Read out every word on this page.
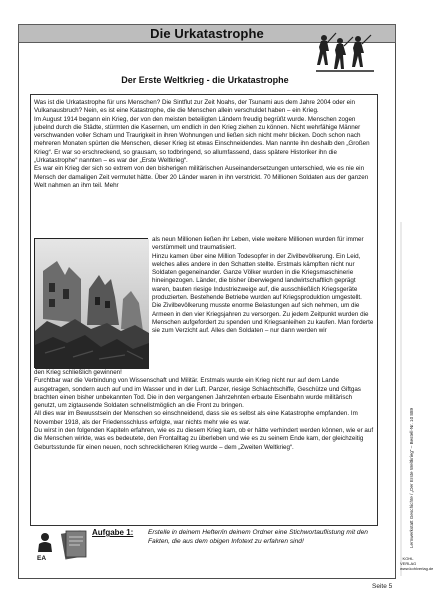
Die Urkatastrophe
Der Erste Weltkrieg - die Urkatastrophe

Was ist die Urkatastrophe für uns Menschen? Die Sintflut zur Zeit Noahs, der Tsunami aus dem Jahre 2004 oder ein Vulkanausbruch? Nein, es ist eine Katastrophe, die die Menschen allein verschuldet haben – ein Krieg.

Im August 1914 begann ein Krieg, der von den meisten beteiligten Ländern freudig begrüßt wurde. Menschen zogen jubelnd durch die Städte, stürmten die Kasernen, um endlich in den Krieg ziehen zu können. Nicht wehrfähige Männer verschwanden voller Scham und Traurigkeit in ihren Wohnungen und ließen sich nicht mehr blicken. Doch schon nach mehreren Monaten spürten die Menschen, dieser Krieg ist etwas Einschneidendes. Man nannte ihn deshalb den „Großen Krieg“. Er war so erschreckend, so grausam, so todbringend, so allumfassend, dass spätere Historiker ihn die „Urkatastrophe“ nannten – es war der „Erste Weltkrieg“.

Es war ein Krieg der sich so extrem von den bisherigen militärischen Auseinandersetzungen unterschied, wie es nie ein Mensch der damaligen Zeit vermutet hätte. Über 20 Länder waren in ihn verstrickt. 70 Millionen Soldaten aus der ganzen Welt nahmen an ihm teil. Mehr

als neun Millionen ließen ihr Leben, viele weitere Millionen wurden für immer verstümmelt und traumatisiert.

Hinzu kamen über eine Million Todesopfer in der Zivilbevölkerung. Ein Leid, welches alles andere in den Schatten stellte. Erstmals kämpften nicht nur Soldaten gegeneinander. Ganze Völker wurden in die Kriegsmaschinerie hineingezogen. Länder, die bisher überwiegend landwirtschaftlich geprägt waren, bauten riesige Industriezweige auf, die ausschließlich Kriegsgeräte produzierten. Bestehende Betriebe wurden auf Kriegsproduktion umgestellt.

Die Zivilbevölkerung musste enorme Belastungen auf sich nehmen, um die Armeen in den vier Kriegsjahren zu versorgen. Zu jedem Zeitpunkt wurden die Menschen aufgefordert zu spenden und Kriegsanleihen zu kaufen. Man forderte sie zum Verzicht auf. Alles den Soldaten – nur dann werden wir

den Krieg schließlich gewinnen!

Furchtbar war die Verbindung von Wissenschaft und Militär. Erstmals wurde ein Krieg nicht nur auf dem Lande ausgetragen, sondern auch auf und im Wasser und in der Luft. Panzer, riesige Schlachtschiffe, Geschütze und Giftgas brachten einen bisher unbekannten Tod. Die in den vergangenen Jahrzehnten erbaute Eisenbahn wurde militärisch genutzt, um zigtausende Soldaten schnellstmöglich an die Front zu bringen.

All dies war im Bewusstsein der Menschen so einschneidend, dass sie es selbst als eine Katastrophe empfanden. Im November 1918, als der Friedensschluss erfolgte, war nichts mehr wie es war.

Du wirst in den folgenden Kapiteln erfahren, wie es zu diesem Krieg kam, ob er hätte verhindert werden können, wie er auf die Menschen wirkte, was es bedeutete, den Frontalltag zu überleben und wie es zu seinem Ende kam, der gleichzeitig Geburtsstunde für einen neuen, noch schrecklicheren Krieg wurde – dem „Zweiten Weltkrieg“.

EA
Aufgabe 1: Erstelle in deinem Hefter/in deinem Ordner eine Stichwortauflistung mit den Fakten, die aus dem obigen Infotext zu erfahren sind!	Lernwerkstatt Geschichte / „Der Erste Weltkrieg“ – Bestell-Nr. 10 889
KOHL VERLAG
www.kohlverlag.de
Seite 5
